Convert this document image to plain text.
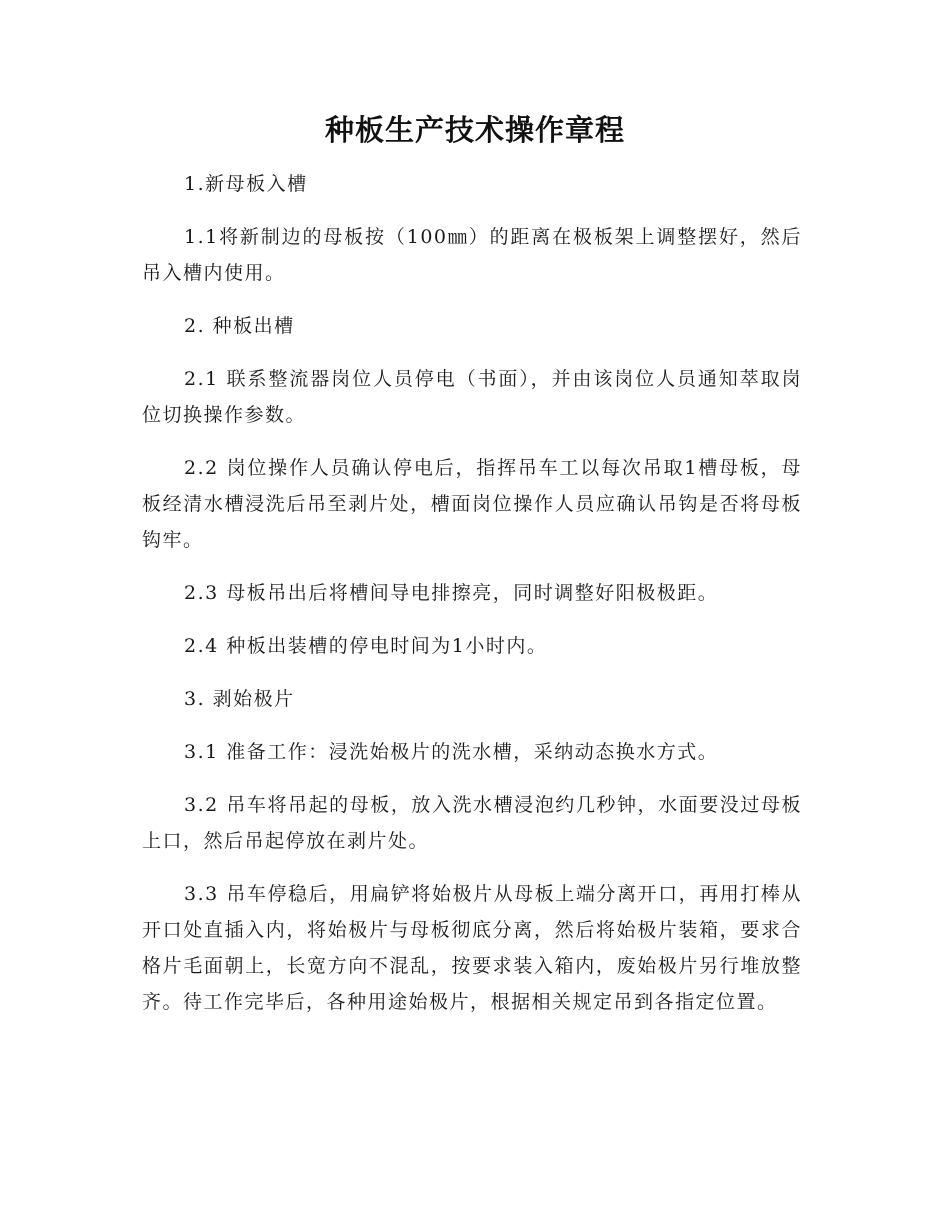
种板生产技术操作章程

1.新母板入槽

1.1将新制边的母板按（100㎜）的距离在极板架上调整摆好，然后吊入槽内使用。

2. 种板出槽

2.1 联系整流器岗位人员停电（书面），并由该岗位人员通知萃取岗位切换操作参数。

2.2 岗位操作人员确认停电后，指挥吊车工以每次吊取1槽母板，母板经清水槽浸洗后吊至剥片处，槽面岗位操作人员应确认吊钩是否将母板钩牢。

2.3 母板吊出后将槽间导电排擦亮，同时调整好阳极极距。

2.4 种板出装槽的停电时间为1小时内。

3. 剥始极片

3.1 准备工作：浸洗始极片的洗水槽，采纳动态换水方式。

3.2 吊车将吊起的母板，放入洗水槽浸泡约几秒钟，水面要没过母板上口，然后吊起停放在剥片处。

3.3 吊车停稳后，用扁铲将始极片从母板上端分离开口，再用打棒从开口处直插入内，将始极片与母板彻底分离，然后将始极片装箱，要求合格片毛面朝上，长宽方向不混乱，按要求装入箱内，废始极片另行堆放整齐。待工作完毕后，各种用途始极片，根据相关规定吊到各指定位置。
